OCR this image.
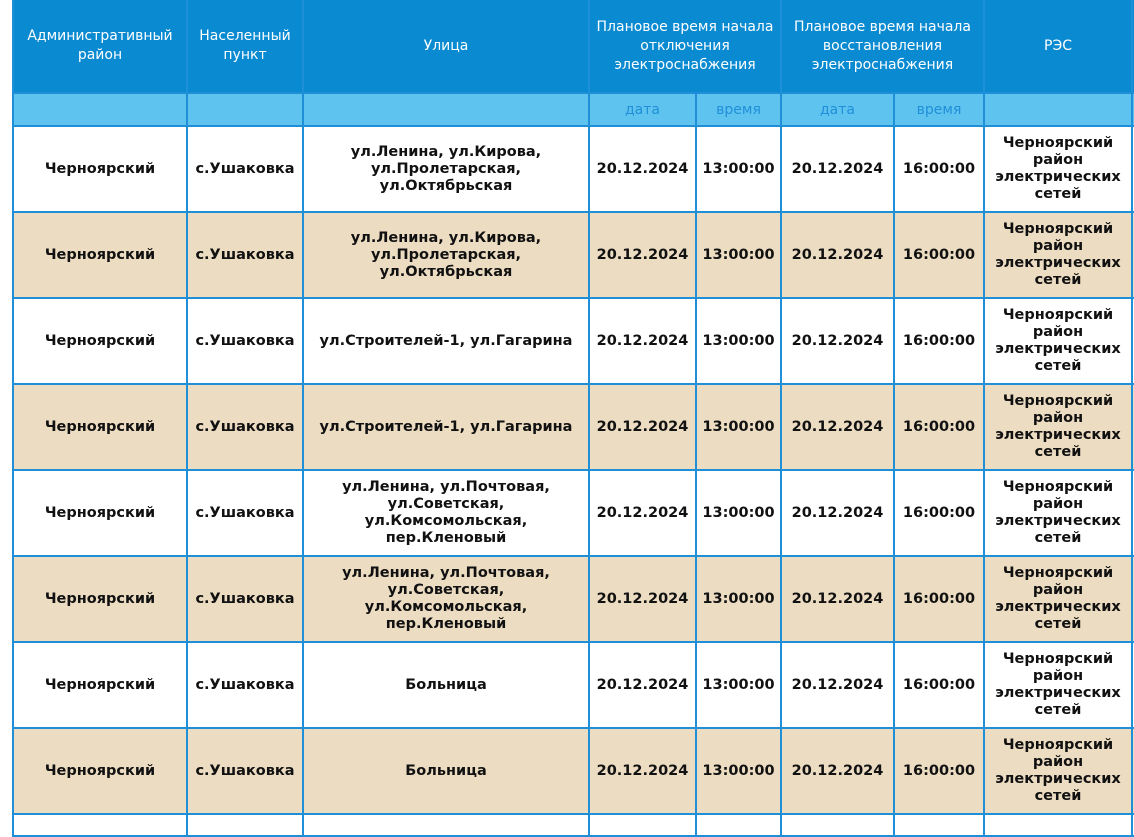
Административный район	Населенный пункт	Улица	Плановое время начала отключения электроснабжения		Плановое время начала восстановления электроснабжения		РЭС	
			дата	время	дата	время		
Черноярский	с.Ушаковка	ул.Ленина, ул.Кирова, ул.Пролетарская, ул.Октябрьская	20.12.2024	13:00:00	20.12.2024	16:00:00	Черноярский район электрических сетей	
Черноярский	с.Ушаковка	ул.Ленина, ул.Кирова, ул.Пролетарская, ул.Октябрьская	20.12.2024	13:00:00	20.12.2024	16:00:00	Черноярский район электрических сетей	
Черноярский	с.Ушаковка	ул.Строителей-1, ул.Гагарина	20.12.2024	13:00:00	20.12.2024	16:00:00	Черноярский район электрических сетей	
Черноярский	с.Ушаковка	ул.Строителей-1, ул.Гагарина	20.12.2024	13:00:00	20.12.2024	16:00:00	Черноярский район электрических сетей	
Черноярский	с.Ушаковка	ул.Ленина, ул.Почтовая, ул.Советская, ул.Комсомольская, пер.Кленовый	20.12.2024	13:00:00	20.12.2024	16:00:00	Черноярский район электрических сетей	
Черноярский	с.Ушаковка	ул.Ленина, ул.Почтовая, ул.Советская, ул.Комсомольская, пер.Кленовый	20.12.2024	13:00:00	20.12.2024	16:00:00	Черноярский район электрических сетей	
Черноярский	с.Ушаковка	Больница	20.12.2024	13:00:00	20.12.2024	16:00:00	Черноярский район электрических сетей	
Черноярский	с.Ушаковка	Больница	20.12.2024	13:00:00	20.12.2024	16:00:00	Черноярский район электрических сетей	
